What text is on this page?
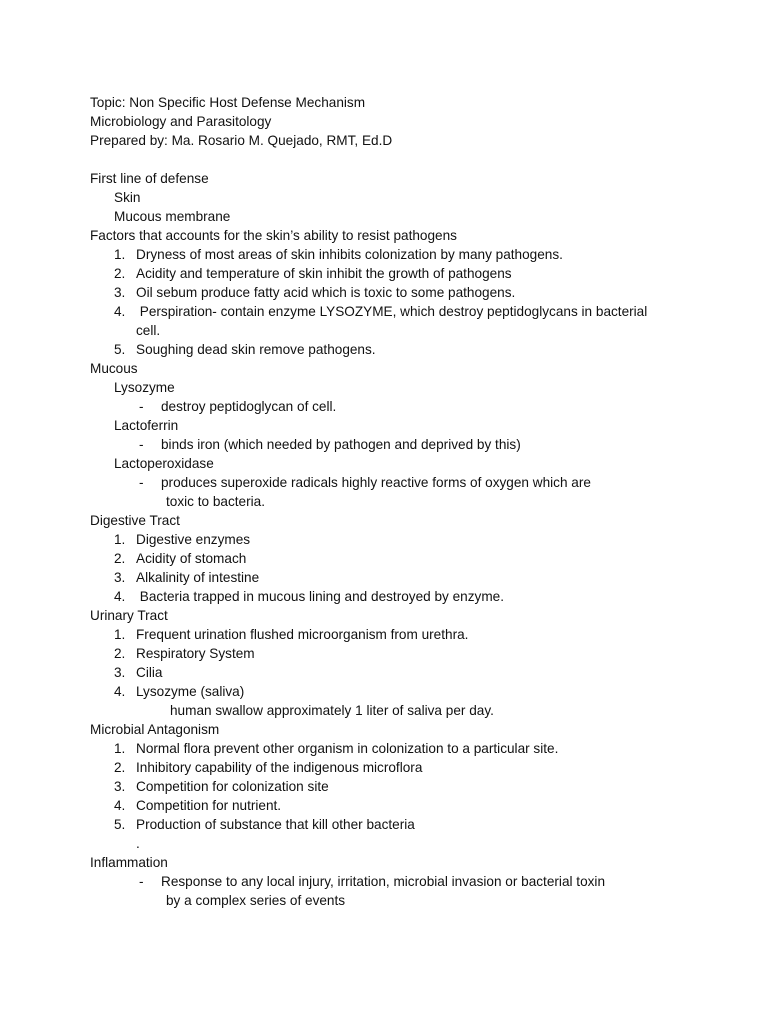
Topic: Non Specific Host Defense Mechanism
Microbiology and Parasitology
Prepared by: Ma. Rosario M. Quejado, RMT, Ed.D
First line of defense
Skin
Mucous membrane
Factors that accounts for the skin’s ability to resist pathogens
1. Dryness of most areas of skin inhibits colonization by many pathogens.
2. Acidity and temperature of skin inhibit the growth of pathogens
3. Oil sebum produce fatty acid which is toxic to some pathogens.
4. Perspiration- contain enzyme LYSOZYME, which destroy peptidoglycans in bacterial
cell.
5. Soughing dead skin remove pathogens.
Mucous
Lysozyme
- destroy peptidoglycan of cell.
Lactoferrin
- binds iron (which needed by pathogen and deprived by this)
Lactoperoxidase
- produces superoxide radicals highly reactive forms of oxygen which are
toxic to bacteria.
Digestive Tract
1. Digestive enzymes
2. Acidity of stomach
3. Alkalinity of intestine
4. Bacteria trapped in mucous lining and destroyed by enzyme.
Urinary Tract
1. Frequent urination flushed microorganism from urethra.
2. Respiratory System
3. Cilia
4. Lysozyme (saliva)
human swallow approximately 1 liter of saliva per day.
Microbial Antagonism
1. Normal flora prevent other organism in colonization to a particular site.
2. Inhibitory capability of the indigenous microflora
3. Competition for colonization site
4. Competition for nutrient.
5. Production of substance that kill other bacteria
.
Inflammation
- Response to any local injury, irritation, microbial invasion or bacterial toxin
by a complex series of events
